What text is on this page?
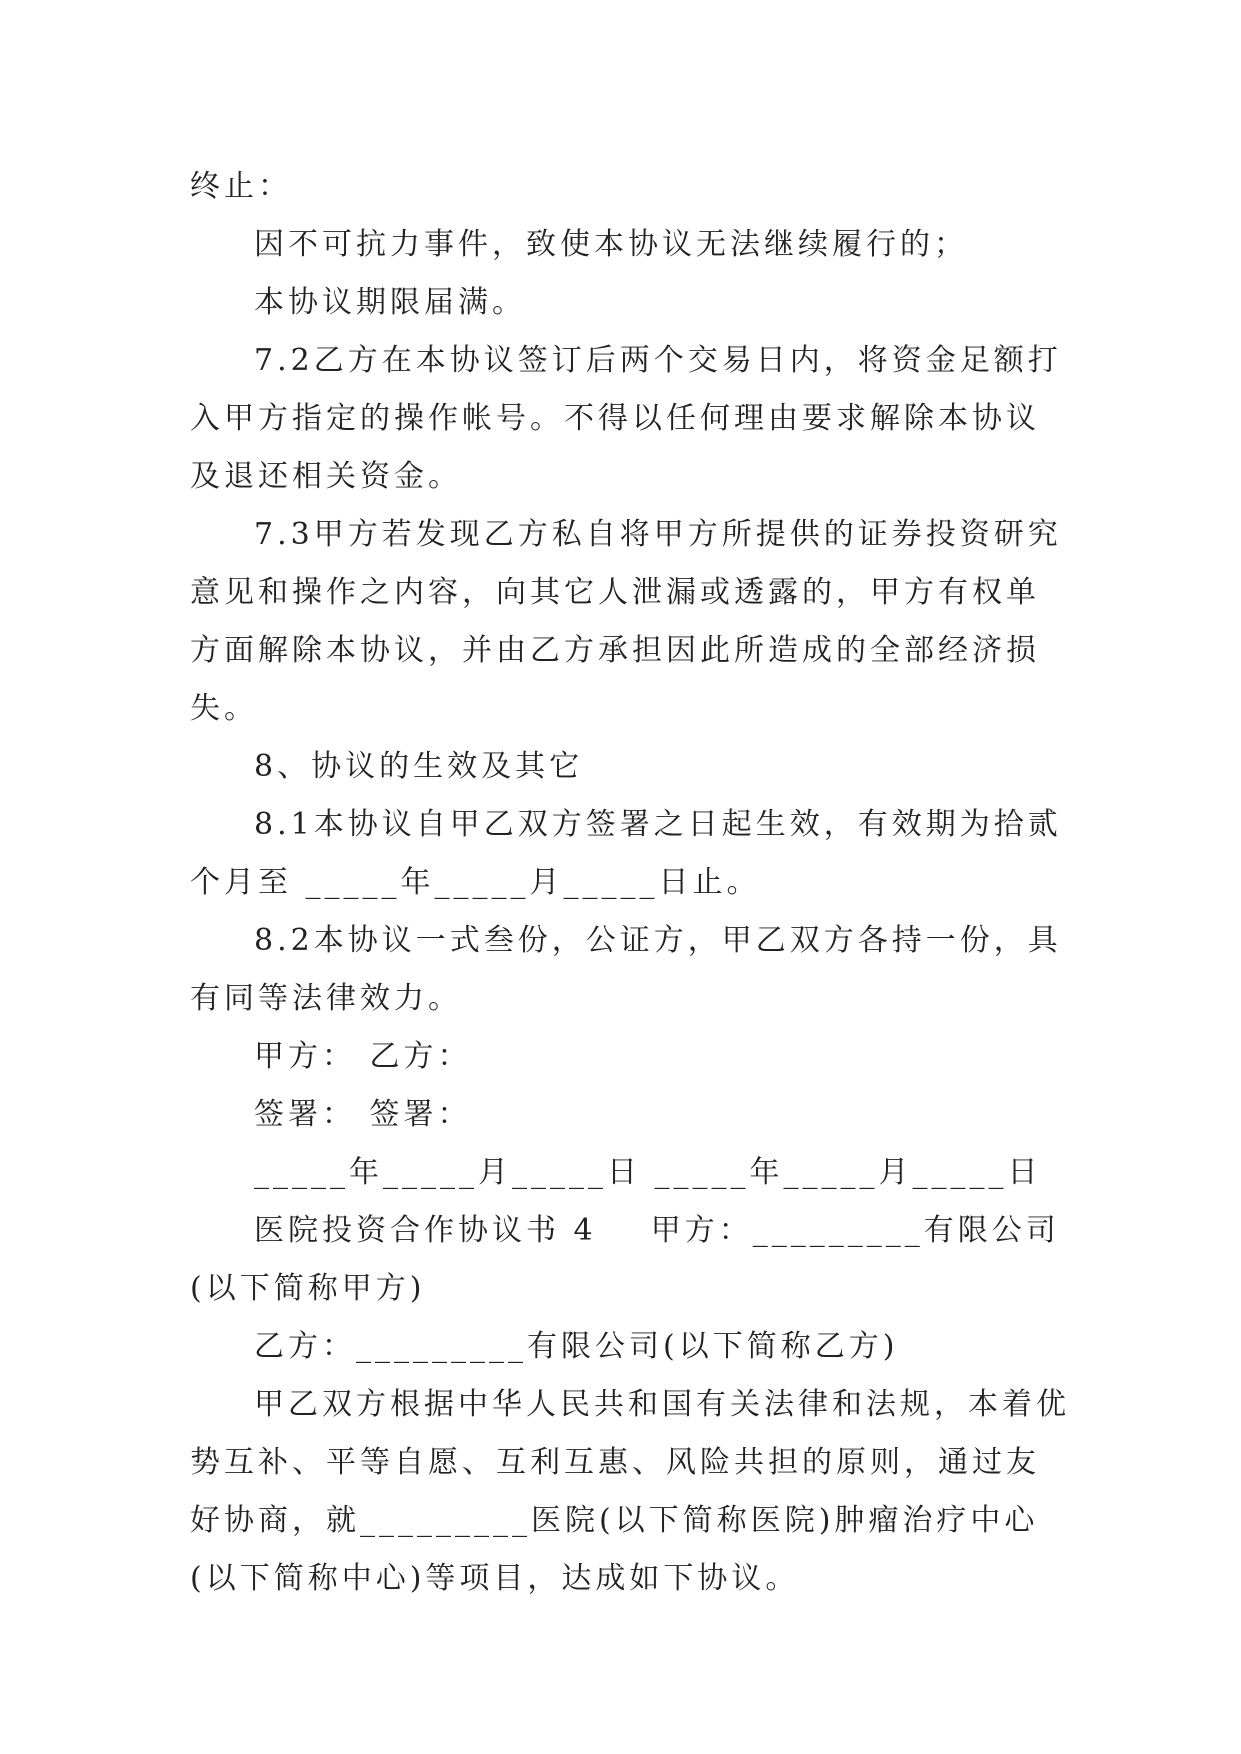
终止：

因不可抗力事件，致使本协议无法继续履行的；

本协议期限届满。

7.2乙方在本协议签订后两个交易日内，将资金足额打入甲方指定的操作帐号。不得以任何理由要求解除本协议及退还相关资金。

7.3甲方若发现乙方私自将甲方所提供的证券投资研究意见和操作之内容，向其它人泄漏或透露的，甲方有权单方面解除本协议，并由乙方承担因此所造成的全部经济损失。

8、协议的生效及其它

8.1本协议自甲乙双方签署之日起生效，有效期为拾贰个月至 _____年_____月_____日止。

8.2本协议一式叁份，公证方，甲乙双方各持一份，具有同等法律效力。

甲方： 乙方：

签署： 签署：

_____年_____月_____日 _____年_____月_____日

医院投资合作协议书 4    甲方：_________有限公司(以下简称甲方)

乙方：_________有限公司(以下简称乙方)

甲乙双方根据中华人民共和国有关法律和法规，本着优势互补、平等自愿、互利互惠、风险共担的原则，通过友好协商，就_________医院(以下简称医院)肿瘤治疗中心(以下简称中心)等项目，达成如下协议。
